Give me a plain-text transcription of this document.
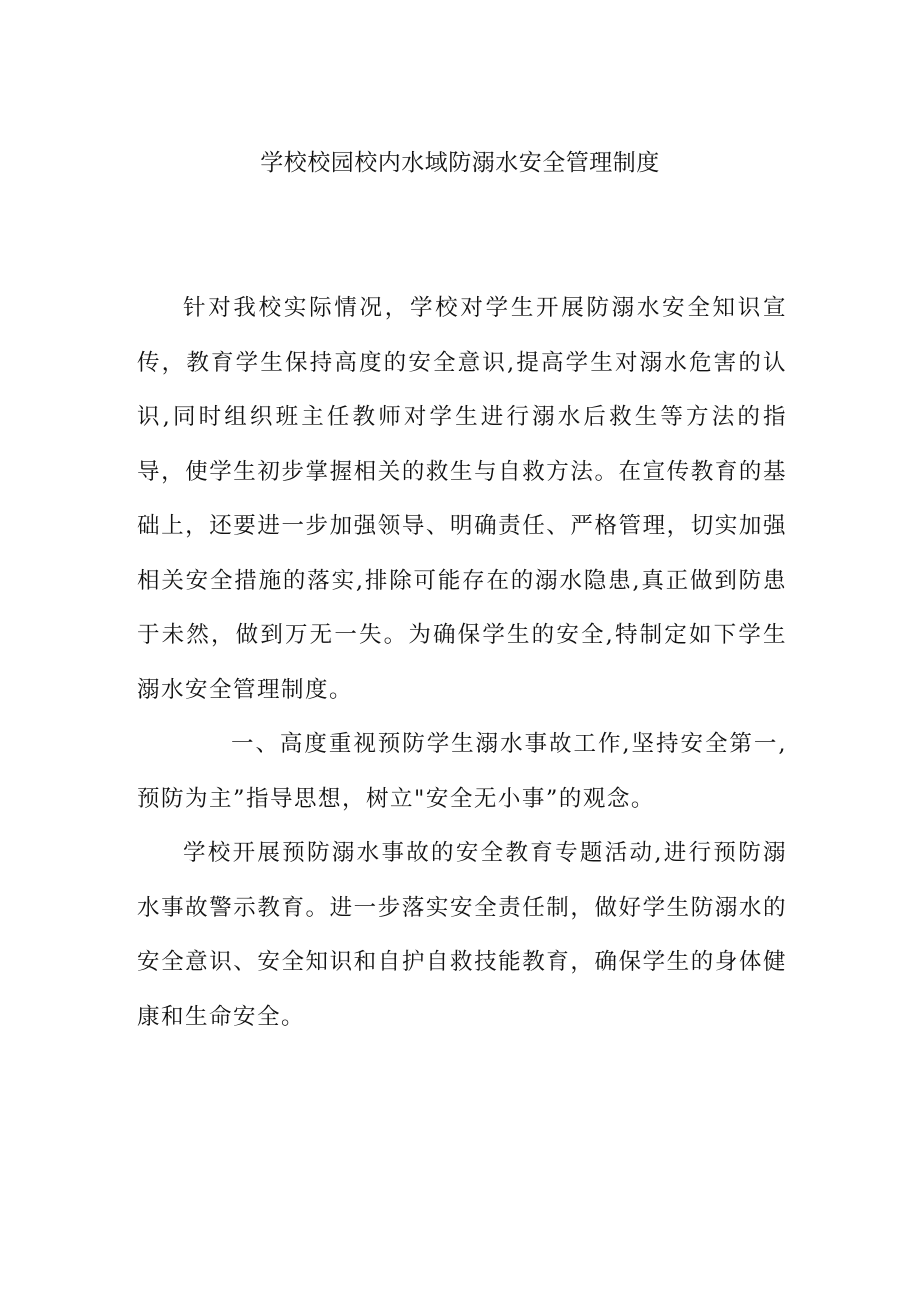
学校校园校内水域防溺水安全管理制度

针对我校实际情况，学校对学生开展防溺水安全知识宣传，教育学生保持高度的安全意识,提高学生对溺水危害的认识,同时组织班主任教师对学生进行溺水后救生等方法的指导，使学生初步掌握相关的救生与自救方法。在宣传教育的基础上，还要进一步加强领导、明确责任、严格管理，切实加强相关安全措施的落实,排除可能存在的溺水隐患,真正做到防患于未然，做到万无一失。为确保学生的安全,特制定如下学生溺水安全管理制度。

一、高度重视预防学生溺水事故工作,坚持安全第一,预防为主”指导思想，树立"安全无小事”的观念。

学校开展预防溺水事故的安全教育专题活动,进行预防溺水事故警示教育。进一步落实安全责任制，做好学生防溺水的安全意识、安全知识和自护自救技能教育，确保学生的身体健康和生命安全。
